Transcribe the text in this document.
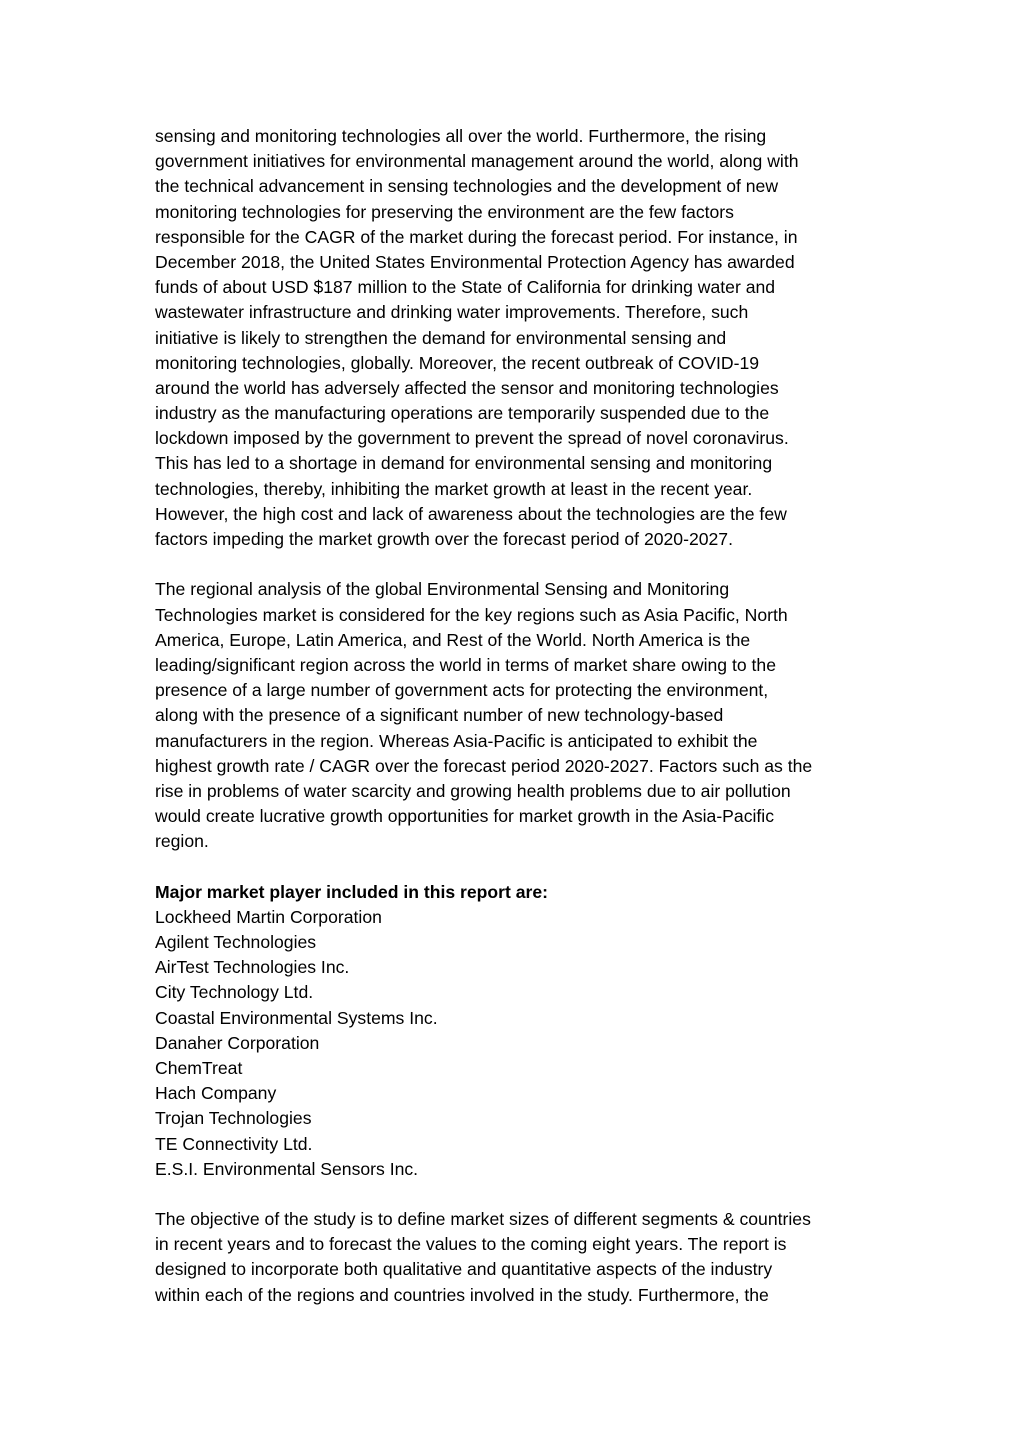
sensing and monitoring technologies all over the world. Furthermore, the rising
government initiatives for environmental management around the world, along with
the technical advancement in sensing technologies and the development of new
monitoring technologies for preserving the environment are the few factors
responsible for the CAGR of the market during the forecast period. For instance, in
December 2018, the United States Environmental Protection Agency has awarded
funds of about USD $187 million to the State of California for drinking water and
wastewater infrastructure and drinking water improvements. Therefore, such
initiative is likely to strengthen the demand for environmental sensing and
monitoring technologies, globally. Moreover, the recent outbreak of COVID-19
around the world has adversely affected the sensor and monitoring technologies
industry as the manufacturing operations are temporarily suspended due to the
lockdown imposed by the government to prevent the spread of novel coronavirus.
This has led to a shortage in demand for environmental sensing and monitoring
technologies, thereby, inhibiting the market growth at least in the recent year.
However, the high cost and lack of awareness about the technologies are the few
factors impeding the market growth over the forecast period of 2020-2027.
The regional analysis of the global Environmental Sensing and Monitoring
Technologies market is considered for the key regions such as Asia Pacific, North
America, Europe, Latin America, and Rest of the World. North America is the
leading/significant region across the world in terms of market share owing to the
presence of a large number of government acts for protecting the environment,
along with the presence of a significant number of new technology-based
manufacturers in the region. Whereas Asia-Pacific is anticipated to exhibit the
highest growth rate / CAGR over the forecast period 2020-2027. Factors such as the
rise in problems of water scarcity and growing health problems due to air pollution
would create lucrative growth opportunities for market growth in the Asia-Pacific
region.
Major market player included in this report are:
Lockheed Martin Corporation
Agilent Technologies
AirTest Technologies Inc.
City Technology Ltd.
Coastal Environmental Systems Inc.
Danaher Corporation
ChemTreat
Hach Company
Trojan Technologies
TE Connectivity Ltd.
E.S.I. Environmental Sensors Inc.
The objective of the study is to define market sizes of different segments & countries
in recent years and to forecast the values to the coming eight years. The report is
designed to incorporate both qualitative and quantitative aspects of the industry
within each of the regions and countries involved in the study. Furthermore, the
